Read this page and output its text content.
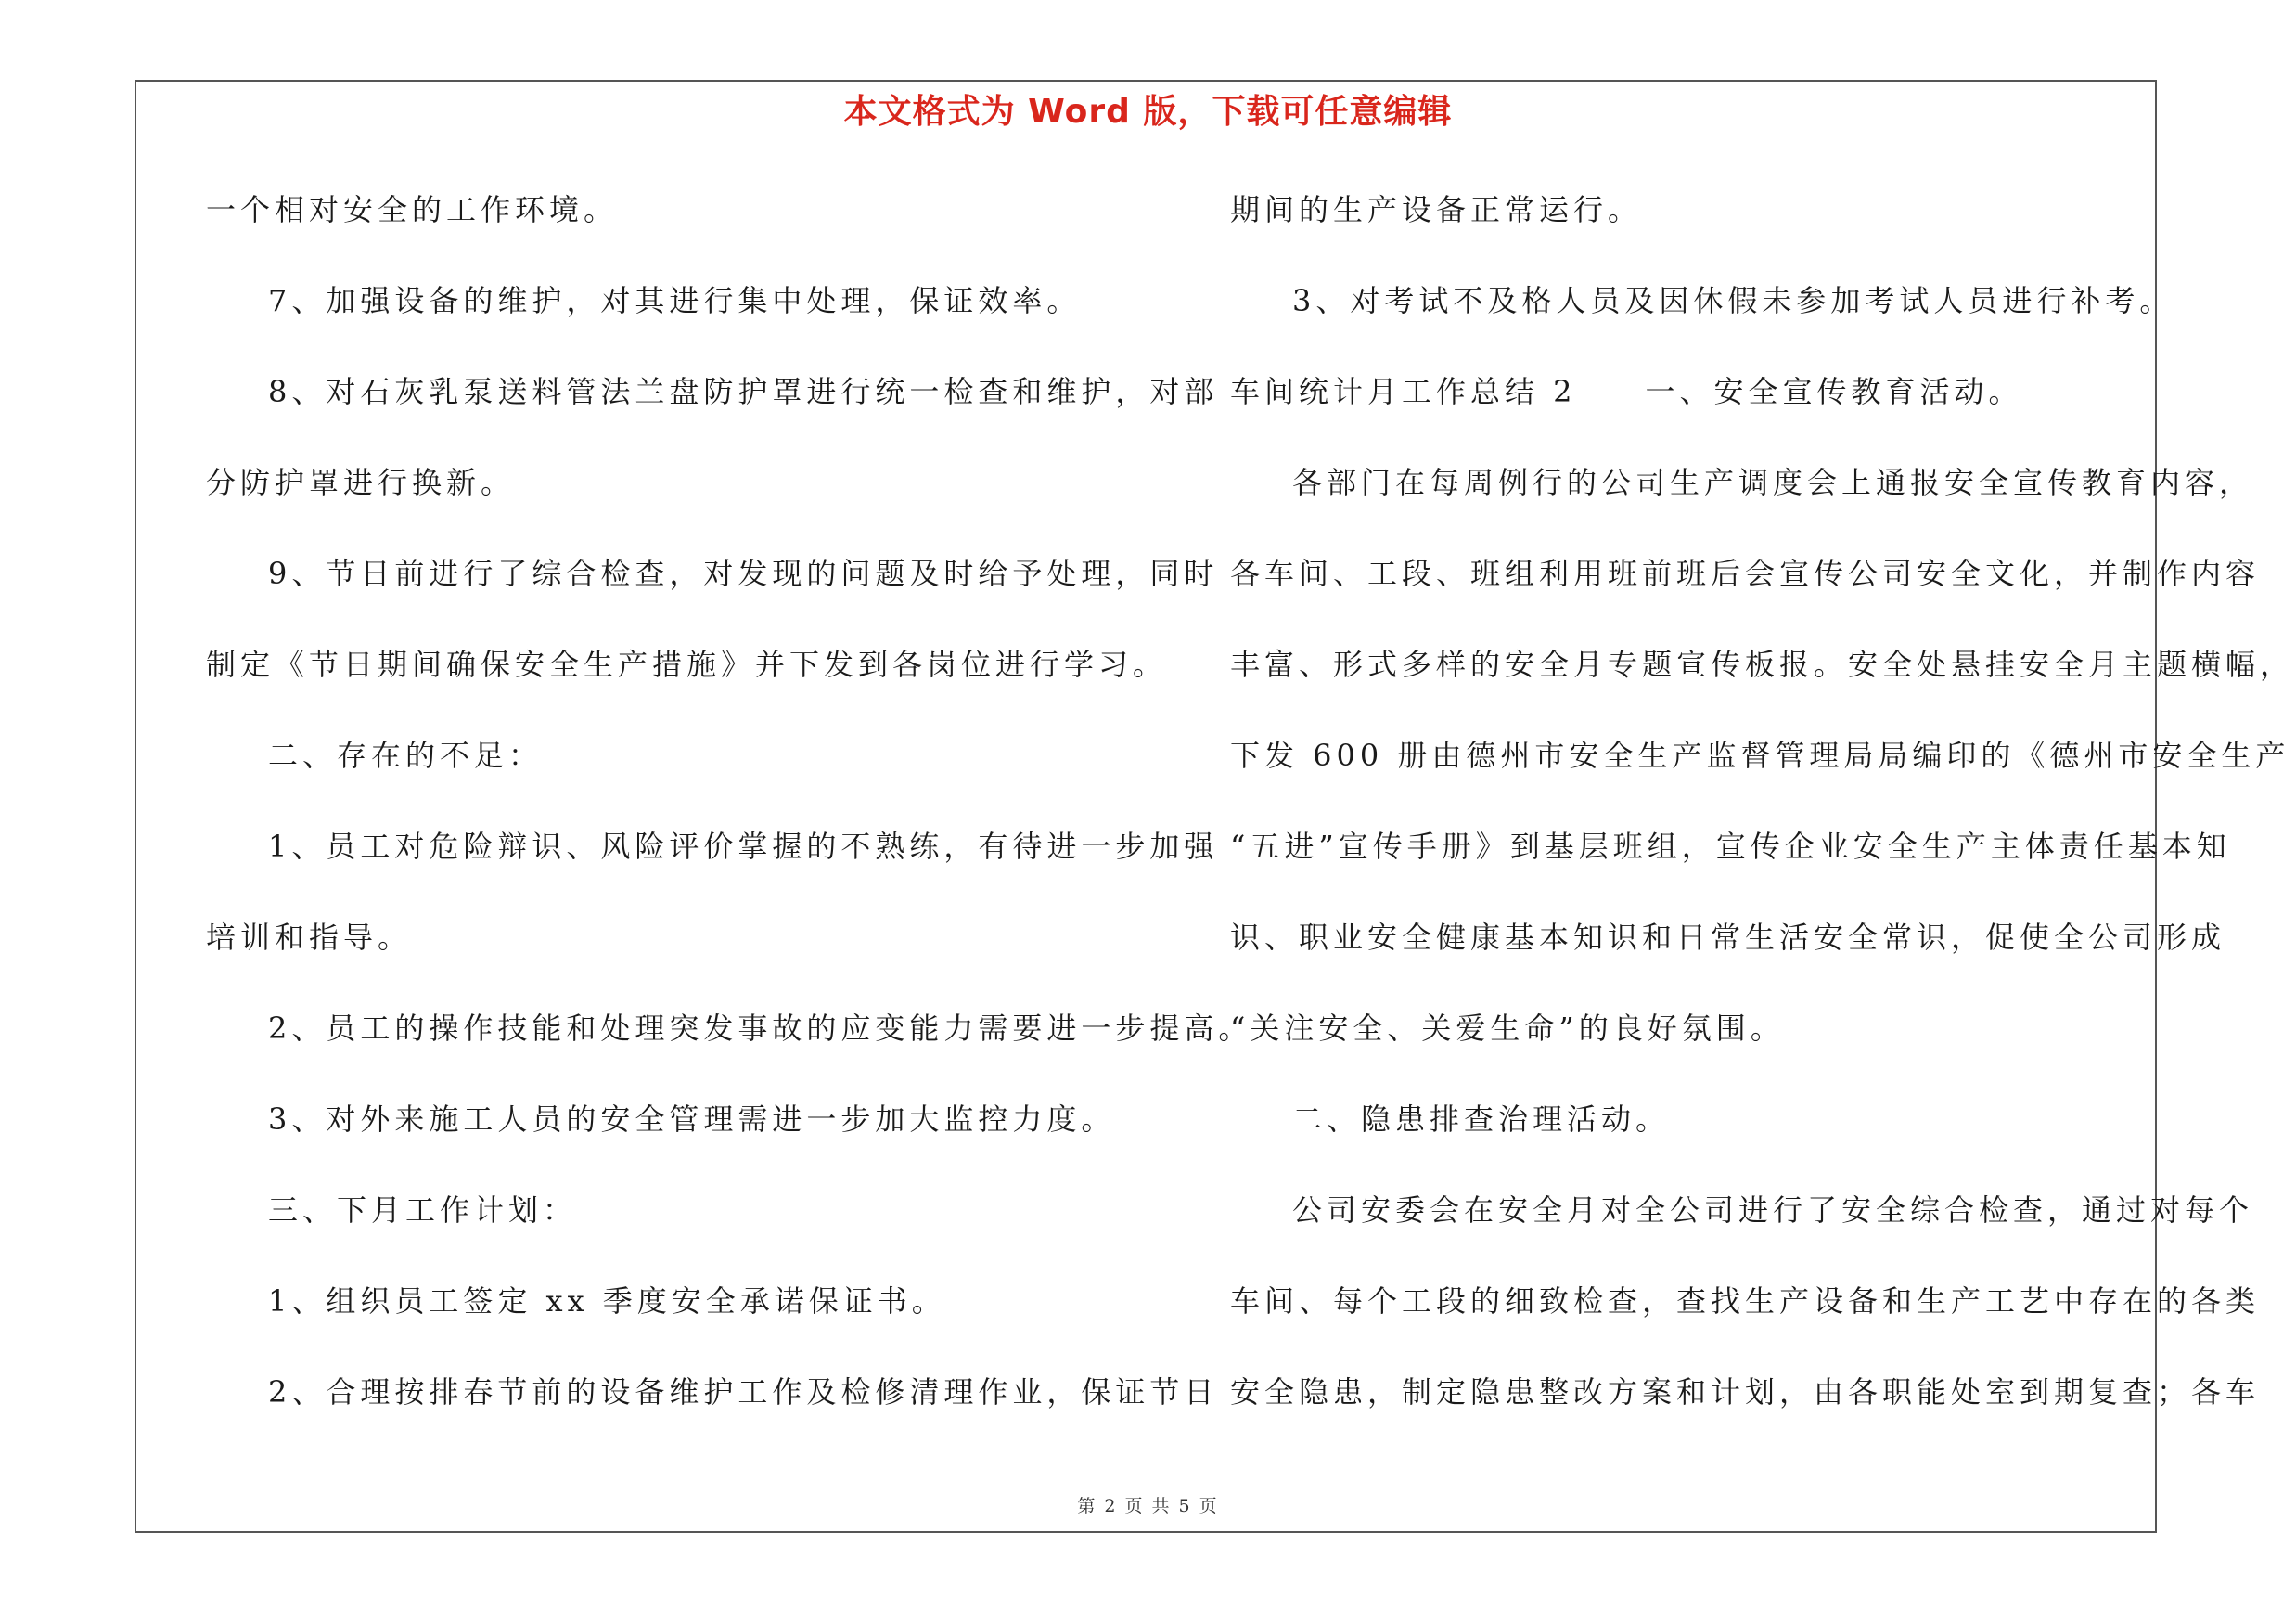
本文格式为 Word 版，下载可任意编辑
一个相对安全的工作环境。
7、加强设备的维护，对其进行集中处理，保证效率。
8、对石灰乳泵送料管法兰盘防护罩进行统一检查和维护，对部
分防护罩进行换新。
9、节日前进行了综合检查，对发现的问题及时给予处理，同时
制定《节日期间确保安全生产措施》并下发到各岗位进行学习。
二、存在的不足：
1、员工对危险辩识、风险评价掌握的不熟练，有待进一步加强
培训和指导。
2、员工的操作技能和处理突发事故的应变能力需要进一步提高。
3、对外来施工人员的安全管理需进一步加大监控力度。
三、下月工作计划：
1、组织员工签定 xx 季度安全承诺保证书。
2、合理按排春节前的设备维护工作及检修清理作业，保证节日
期间的生产设备正常运行。
3、对考试不及格人员及因休假未参加考试人员进行补考。
车间统计月工作总结 2　　一、安全宣传教育活动。
各部门在每周例行的公司生产调度会上通报安全宣传教育内容，
各车间、工段、班组利用班前班后会宣传公司安全文化，并制作内容
丰富、形式多样的安全月专题宣传板报。安全处悬挂安全月主题横幅，
下发 600 册由德州市安全生产监督管理局局编印的《德州市安全生产
“五进”宣传手册》到基层班组，宣传企业安全生产主体责任基本知
识、职业安全健康基本知识和日常生活安全常识，促使全公司形成
“关注安全、关爱生命”的良好氛围。
二、隐患排查治理活动。
公司安委会在安全月对全公司进行了安全综合检查，通过对每个
车间、每个工段的细致检查，查找生产设备和生产工艺中存在的各类
安全隐患，制定隐患整改方案和计划，由各职能处室到期复查；各车
第 2 页 共 5 页
